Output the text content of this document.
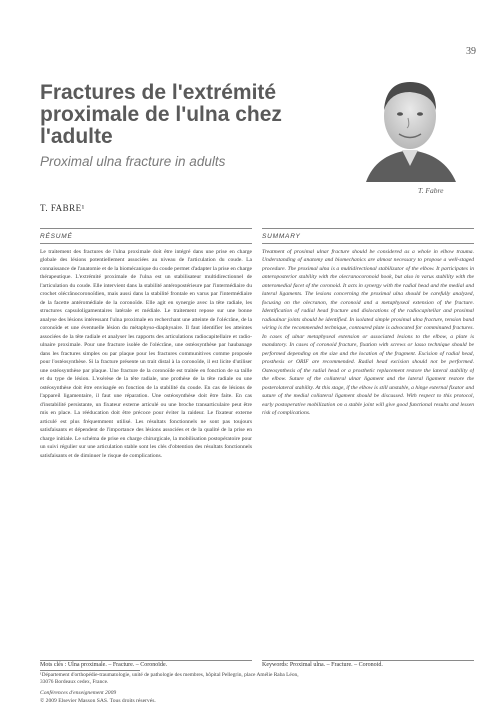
39
Fractures de l'extrémité proximale de l'ulna chez l'adulte
Proximal ulna fracture in adults
T. Fabre
T. FABRE¹
RÉSUMÉ

Le traitement des fractures de l'ulna proximale doit être intégré dans une prise en charge globale des lésions potentiellement associées au niveau de l'articulation du coude. La connaissance de l'anatomie et de la biomécanique du coude permet d'adapter la prise en charge thérapeutique. L'extrémité proximale de l'ulna est un stabilisateur multidirectionnel de l'articulation du coude. Elle intervient dans la stabilité antéropostérieure par l'intermédiaire du crochet olécrânocoronoïdien, mais aussi dans la stabilité frontale en varus par l'intermédiaire de la facette antéromédiale de la coronoïde. Elle agit en synergie avec la tête radiale, les structures capsuloligamentaires latérale et médiale. Le traitement repose sur une bonne analyse des lésions intéressant l'ulna proximale en recherchant une atteinte de l'olécrâne, de la coronoïde et une éventuelle lésion du métaphyso-diaphysaire. Il faut identifier les atteintes associées de la tête radiale et analyser les rapports des articulations radiocapitellaire et radio-ulnaire proximale. Pour une fracture isolée de l'olécrâne, une ostéosynthèse par haubanage dans les fractures simples ou par plaque pour les fractures communitives comme proposée pour l'ostéosynthèse. Si la fracture présente un trait distal à la coronoïde, il est licite d'utiliser une ostéosynthèse par plaque. Une fracture de la coronoïde est traitée en fonction de sa taille et du type de lésion. L'exérèse de la tête radiale, une prothèse de la tête radiale ou une ostéosynthèse doit être envisagée en fonction de la stabilité du coude. En cas de lésions de l'appareil ligamentaire, il faut une réparation. Une ostéosynthèse doit être faite. En cas d'instabilité persistante, un fixateur externe articulé ou une broche transarticulaire peut être mis en place. La rééducation doit être précoce pour éviter la raideur. Le fixateur externe articulé est plus fréquemment utilisé. Les résultats fonctionnels ne sont pas toujours satisfaisants et dépendent de l'importance des lésions associées et de la qualité de la prise en charge initiale. Le schéma de prise en charge chirurgicale, la mobilisation postopératoire pour un suivi régulier sur une articulation stable sont les clés d'obtention des résultats fonctionnels satisfaisants et de diminuer le risque de complications.

SUMMARY

Treatment of proximal ulnar fracture should be considered as a whole in elbow trauma. Understanding of anatomy and biomechanics are almost necessary to propose a well-staged procedure. The proximal ulna is a multidirectional stabilizator of the elbow. It participates in anteroposterior stability with the olecranocoronoid hook, but also in varus stability with the anteromedial facet of the coronoid. It acts in synergy with the radial head and the medial and lateral ligaments. The lesions concerning the proximal ulna should be carefully analyzed, focusing on the olecranon, the coronoid and a metaphyseal extension of the fracture. Identification of radial head fracture and dislocations of the radiocapitellar and proximal radioulnar joints should be identified. In isolated simple proximal ulna fracture, tension band wiring is the recommended technique, contoured plate is advocated for comminuted fractures. In cases of ulnar metaphyseal extension or associated lesions to the elbow, a plate is mandatory. In cases of coronoid fracture, fixation with screws or lasso technique should be performed depending on the size and the location of the fragment. Excision of radial head, prosthesis or ORIF are recommended. Radial head excision should not be performed. Osteosynthesis of the radial head or a prosthetic replacement restore the lateral stability of the elbow. Suture of the collateral ulnar ligament and the lateral ligament restore the posterolateral stability. At this stage, if the elbow is still unstable, a hinge external fixator and suture of the medial collateral ligament should be discussed. With respect to this protocol, early postoperative mobilization on a stable joint will give good functional results and lessen risk of complications.

Mots clés : Ulna proximale. – Fracture. – Coronoïde.	Keywords: Proximal ulna. – Fracture. – Coronoid.
¹Département d'orthopédie-traumatologie, unité de pathologie des membres, hôpital Pellegrin, place Amélie Raba Léon, 33076 Bordeaux cedex, France.
Conférences d'enseignement 2009
© 2009 Elsevier Masson SAS. Tous droits réservés.
